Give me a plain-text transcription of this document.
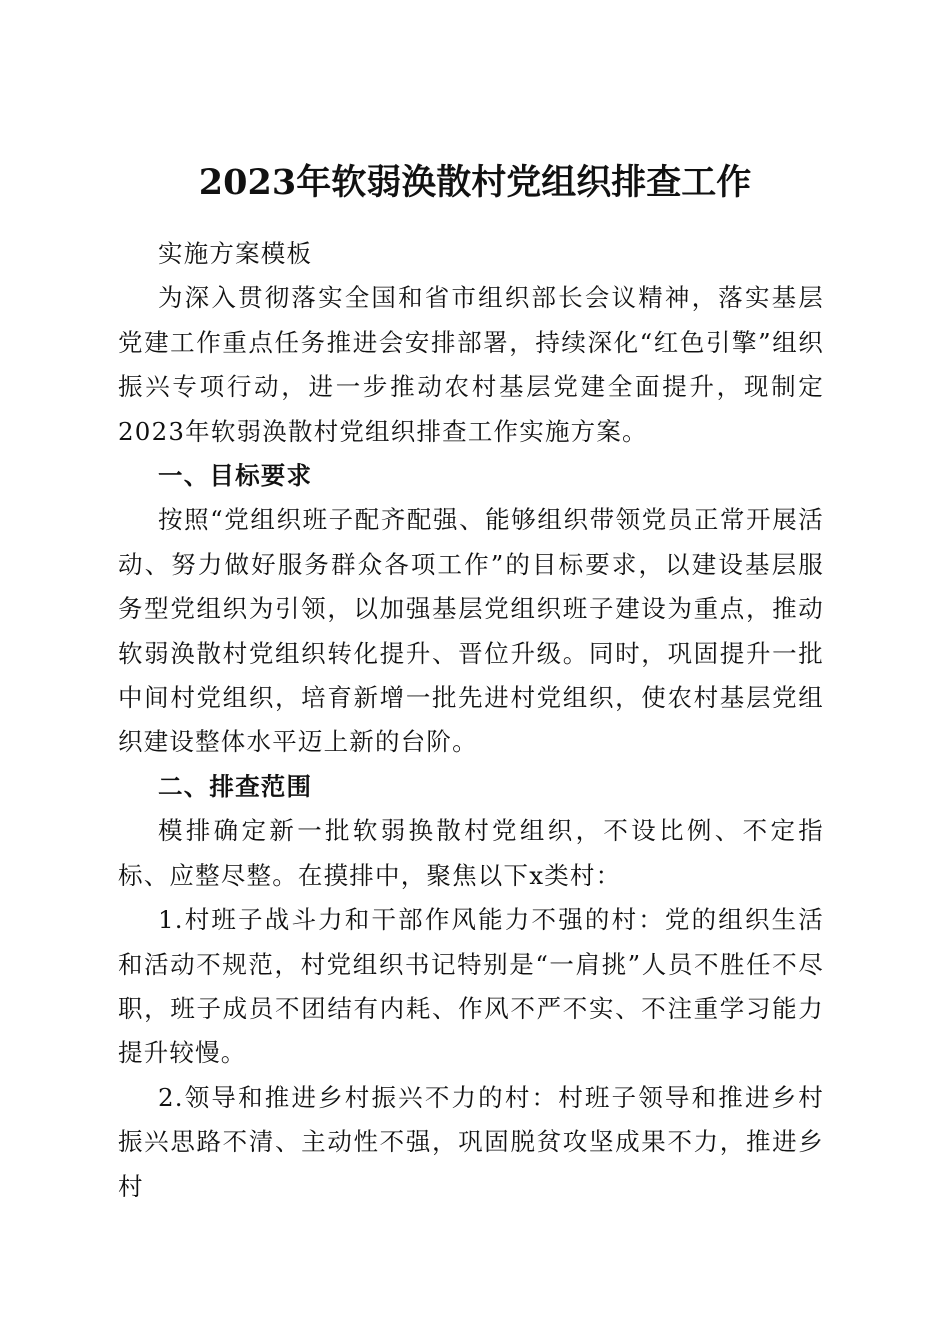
2023年软弱涣散村党组织排查工作

实施方案模板

为深入贯彻落实全国和省市组织部长会议精神，落实基层党建工作重点任务推进会安排部署，持续深化“红色引擎”组织振兴专项行动，进一步推动农村基层党建全面提升，现制定2023年软弱涣散村党组织排查工作实施方案。

一、目标要求

按照“党组织班子配齐配强、能够组织带领党员正常开展活动、努力做好服务群众各项工作”的目标要求，以建设基层服务型党组织为引领，以加强基层党组织班子建设为重点，推动软弱涣散村党组织转化提升、晋位升级。同时，巩固提升一批中间村党组织，培育新增一批先进村党组织，使农村基层党组织建设整体水平迈上新的台阶。

二、排查范围

模排确定新一批软弱换散村党组织，不设比例、不定指标、应整尽整。在摸排中，聚焦以下x类村：

1.村班子战斗力和干部作风能力不强的村：党的组织生活和活动不规范，村党组织书记特别是“一肩挑”人员不胜任不尽职，班子成员不团结有内耗、作风不严不实、不注重学习能力提升较慢。

2.领导和推进乡村振兴不力的村：村班子领导和推进乡村振兴思路不清、主动性不强，巩固脱贫攻坚成果不力，推进乡村
